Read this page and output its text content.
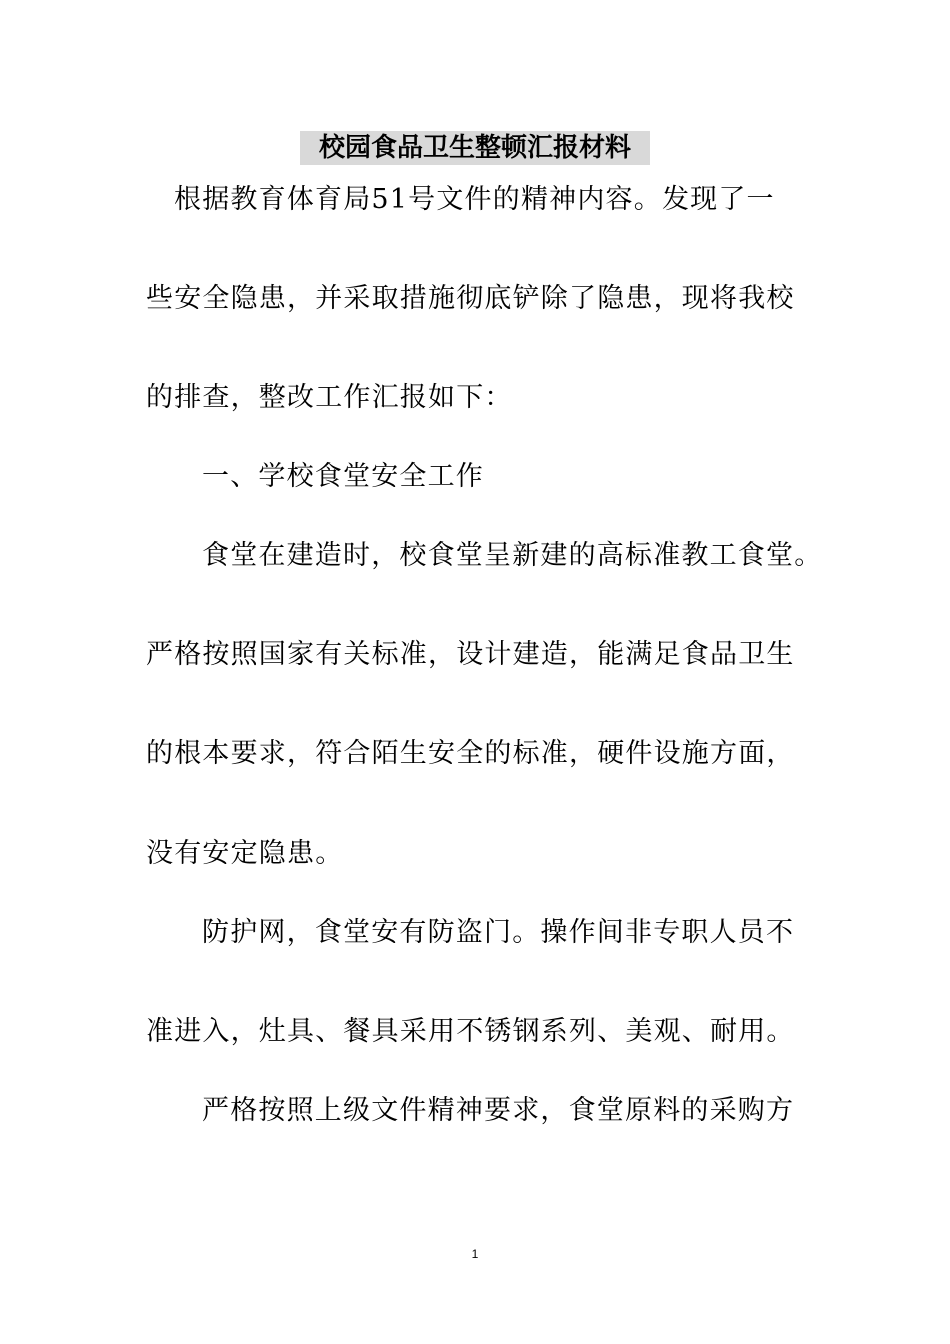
校园食品卫生整顿汇报材料
根据教育体育局51号文件的精神内容。发现了一
些安全隐患，并采取措施彻底铲除了隐患，现将我校
的排查，整改工作汇报如下：
一、学校食堂安全工作
食堂在建造时，校食堂呈新建的高标准教工食堂。
严格按照国家有关标准，设计建造，能满足食品卫生
的根本要求，符合陌生安全的标准，硬件设施方面，
没有安定隐患。
防护网，食堂安有防盗门。操作间非专职人员不
准进入，灶具、餐具采用不锈钢系列、美观、耐用。
严格按照上级文件精神要求，食堂原料的采购方
1
